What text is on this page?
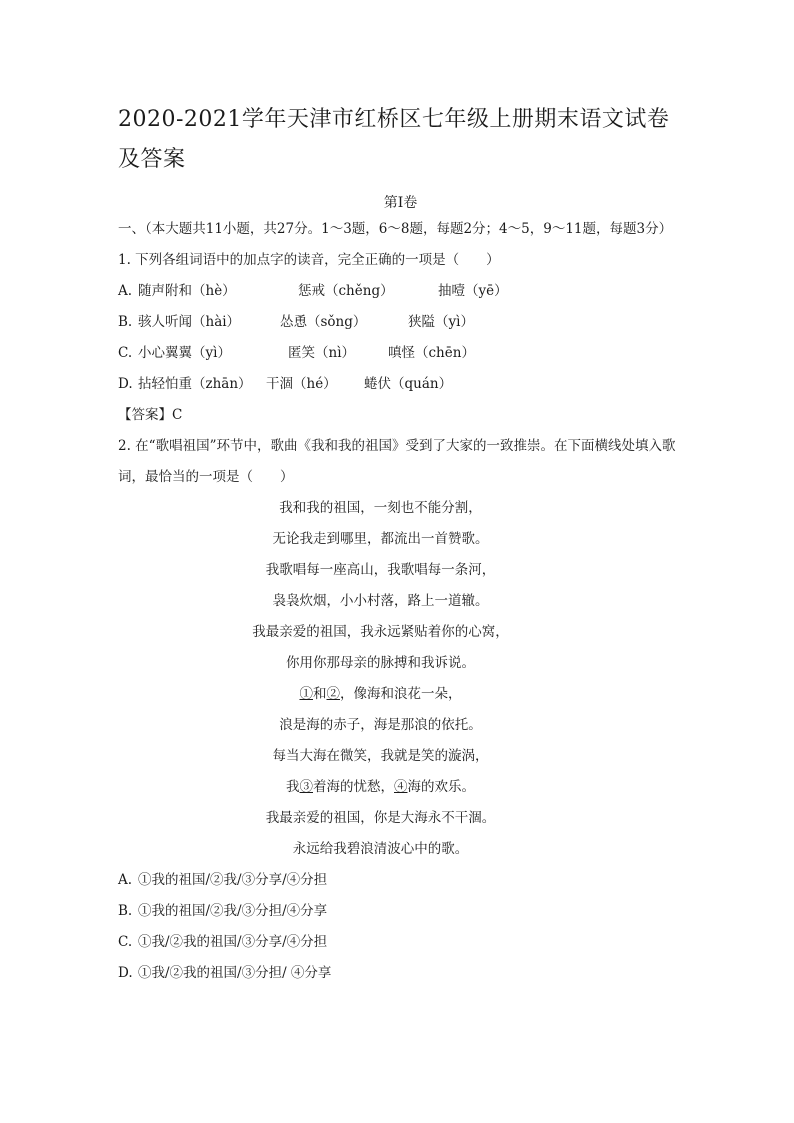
2020-2021学年天津市红桥区七年级上册期末语文试卷及答案
第I卷
一、（本大题共11小题，共27分。1～3题，6～8题，每题2分；4～5，9～11题，每题3分）
1. 下列各组词语中的加点字的读音，完全正确的一项是（　　）
A. 随声附和（hè）	惩戒（chěng）	抽噎（yē）
B. 骇人听闻（hài）	怂恿（sǒng）	狭隘（yì）
C. 小心翼翼（yì）	匿笑（nì）	嗔怪（chēn）
D. 拈轻怕重（zhān）	干涸（hé）	蜷伏（quán）
【答案】C
2. 在“歌唱祖国”环节中，歌曲《我和我的祖国》受到了大家的一致推崇。在下面横线处填入歌词，最恰当的一项是（　　）
我和我的祖国，一刻也不能分割，
无论我走到哪里，都流出一首赞歌。
我歌唱每一座高山，我歌唱每一条河，
袅袅炊烟，小小村落，路上一道辙。
我最亲爱的祖国，我永远紧贴着你的心窝，
你用你那母亲的脉搏和我诉说。
①和②，像海和浪花一朵，
浪是海的赤子，海是那浪的依托。
每当大海在微笑，我就是笑的漩涡，
我③着海的忧愁，④海的欢乐。
我最亲爱的祖国，你是大海永不干涸。
永远给我碧浪清波心中的歌。
A. ①我的祖国/②我/③分享/④分担
B. ①我的祖国/②我/③分担/④分享
C. ①我/②我的祖国/③分享/④分担
D. ①我/②我的祖国/③分担/ ④分享
